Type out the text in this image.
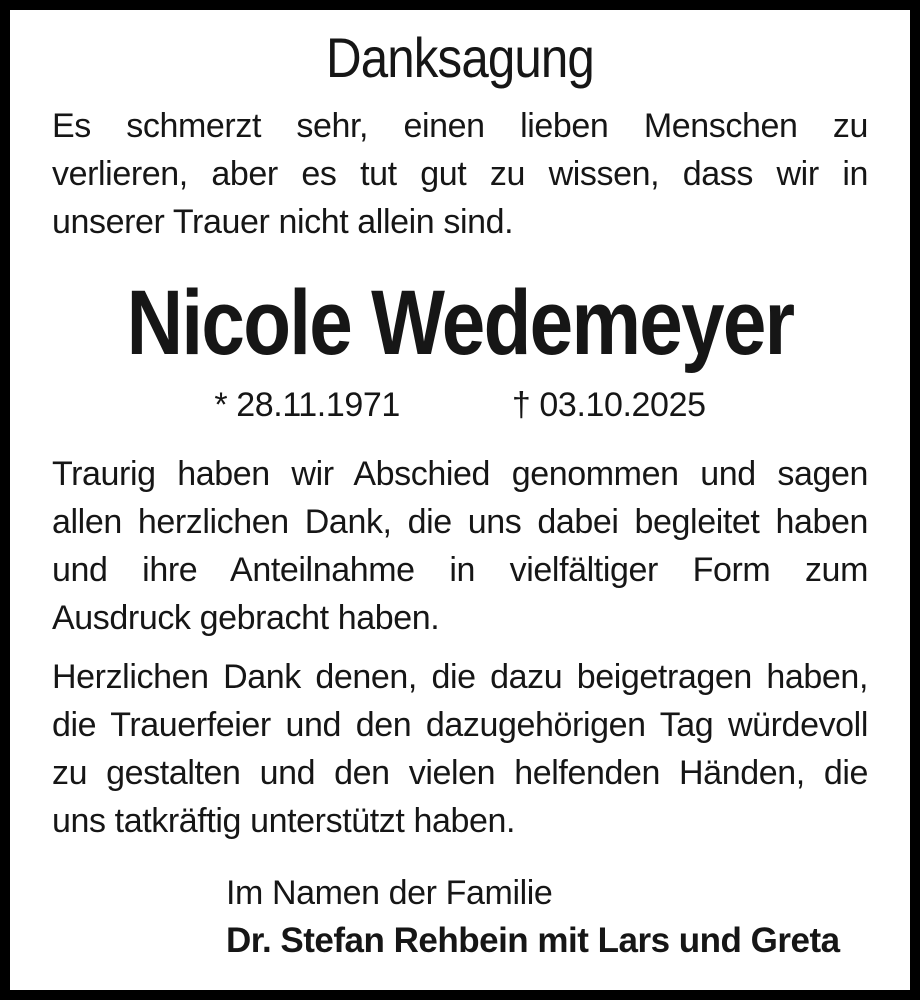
Danksagung
Es schmerzt sehr, einen lieben Menschen zu
verlieren, aber es tut gut zu wissen, dass wir in
unserer Trauer nicht allein sind.
Nicole Wedemeyer
* 28.11.1971	† 03.10.2025
Traurig haben wir Abschied genommen und sagen
allen herzlichen Dank, die uns dabei begleitet haben
und ihre Anteilnahme in vielfältiger Form zum
Ausdruck gebracht haben.
Herzlichen Dank denen, die dazu beigetragen haben,
die Trauerfeier und den dazugehörigen Tag würdevoll
zu gestalten und den vielen helfenden Händen, die
uns tatkräftig unterstützt haben.
Im Namen der Familie
Dr. Stefan Rehbein mit Lars und Greta
